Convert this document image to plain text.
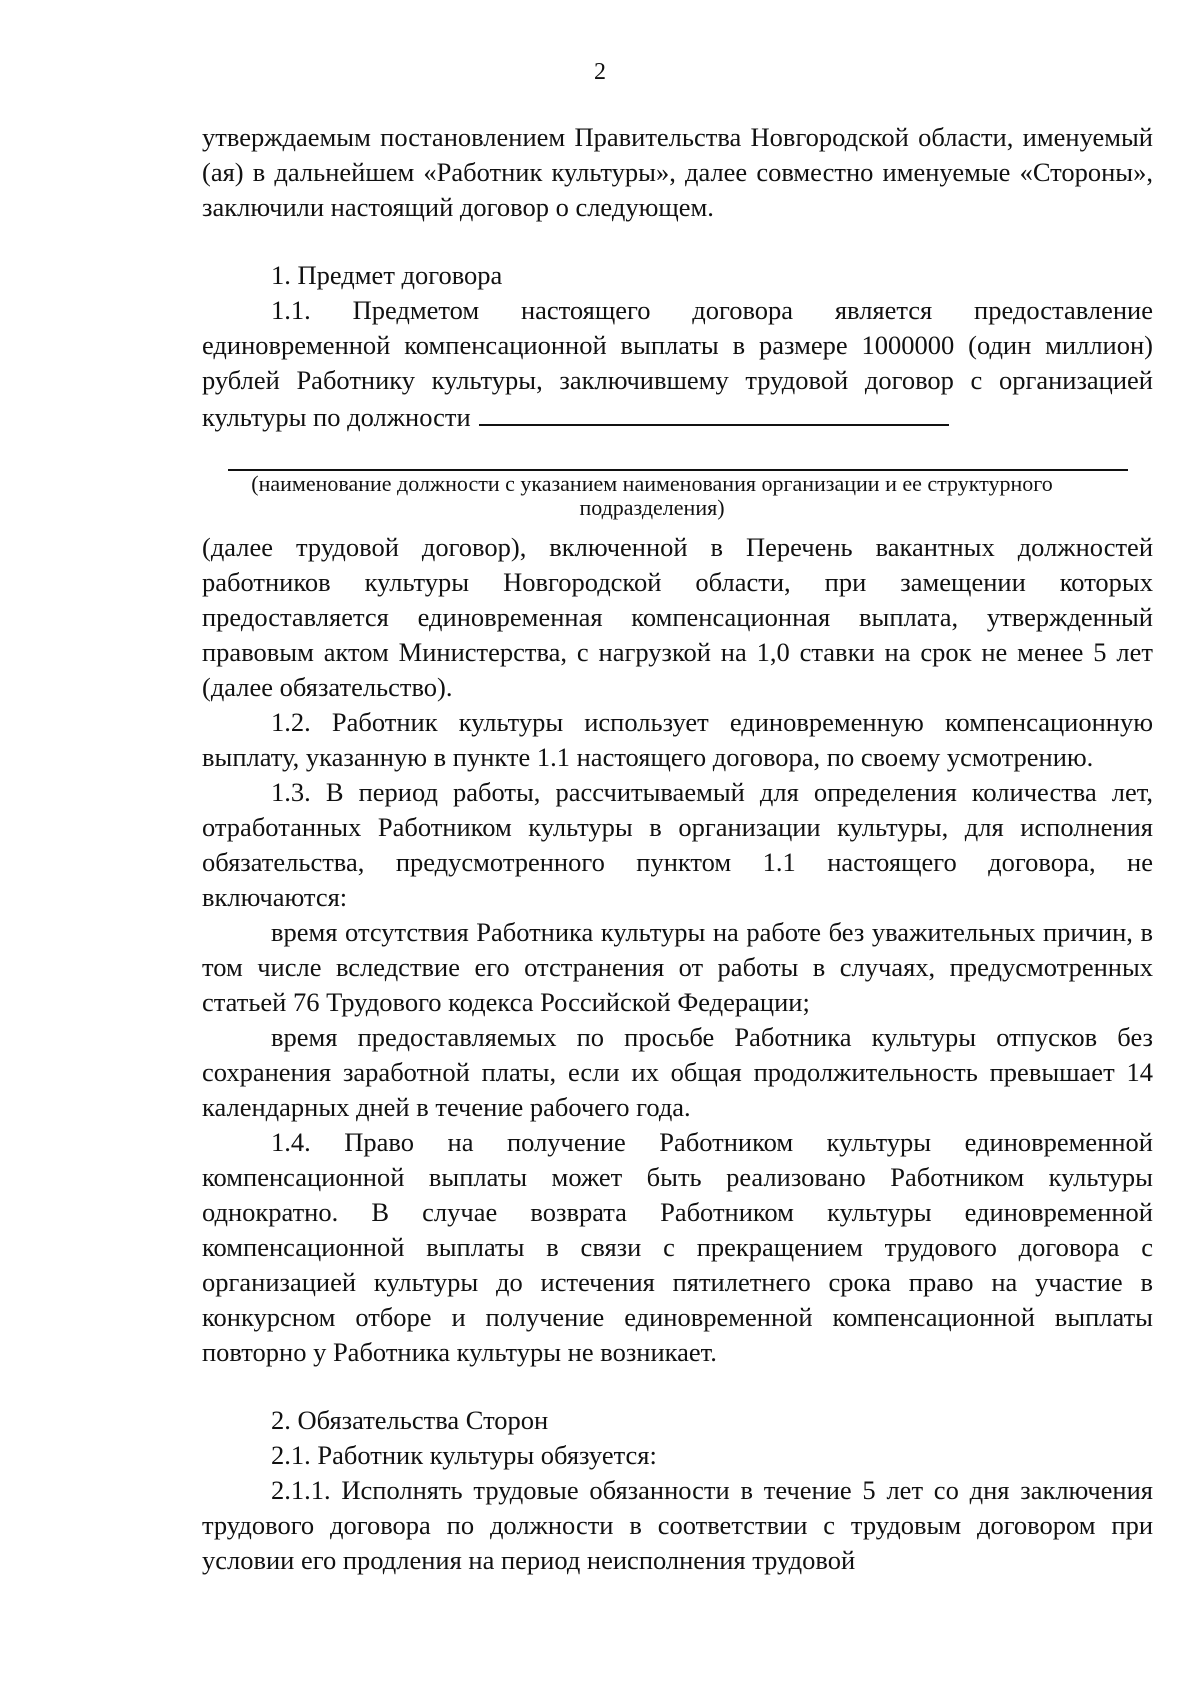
2

утверждаемым постановлением Правительства Новгородской области, именуемый (ая) в дальнейшем «Работник культуры», далее совместно именуемые «Стороны», заключили настоящий договор о следующем.

1. Предмет договора

1.1. Предметом настоящего договора является предоставление единовременной компенсационной выплаты в размере 1000000 (один миллион) рублей Работнику культуры, заключившему трудовой договор с организацией культуры по должности

(наименование должности с указанием наименования организации и ее структурного подразделения)

(далее трудовой договор), включенной в Перечень вакантных должностей работников культуры Новгородской области, при замещении которых предоставляется единовременная компенсационная выплата, утвержденный правовым актом Министерства, с нагрузкой на 1,0 ставки на срок не менее 5 лет (далее обязательство).

1.2. Работник культуры использует единовременную компенсационную выплату, указанную в пункте 1.1 настоящего договора, по своему усмотрению.

1.3. В период работы, рассчитываемый для определения количества лет, отработанных Работником культуры в организации культуры, для исполнения обязательства, предусмотренного пунктом 1.1 настоящего договора, не включаются:

время отсутствия Работника культуры на работе без уважительных причин, в том числе вследствие его отстранения от работы в случаях, предусмотренных статьей 76 Трудового кодекса Российской Федерации;

время предоставляемых по просьбе Работника культуры отпусков без сохранения заработной платы, если их общая продолжительность превышает 14 календарных дней в течение рабочего года.

1.4. Право на получение Работником культуры единовременной компенсационной выплаты может быть реализовано Работником культуры однократно. В случае возврата Работником культуры единовременной компенсационной выплаты в связи с прекращением трудового договора с организацией культуры до истечения пятилетнего срока право на участие в конкурсном отборе и получение единовременной компенсационной выплаты повторно у Работника культуры не возникает.

2. Обязательства Сторон

2.1. Работник культуры обязуется:

2.1.1. Исполнять трудовые обязанности в течение 5 лет со дня заключения трудового договора по должности в соответствии с трудовым договором при условии его продления на период неисполнения трудовой
